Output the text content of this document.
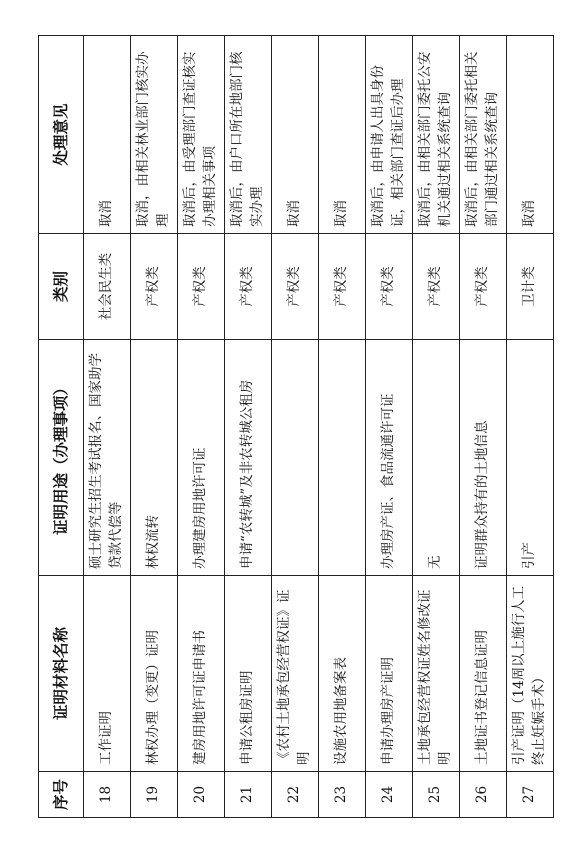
序号	证明材料名称	证明用途（办理事项）	类别	处理意见
18	工作证明	硕士研究生招生考试报名、国家助学贷款代偿等	社会民生类	取消
19	林权办理（变更）证明	林权流转	产权类	取消，由相关林业部门核实办理
20	建房用地许可证申请书	办理建房用地许可证	产权类	取消后，由受理部门查证核实办理相关事项
21	申请公租房证明	申请“农转城”及非农转城公租房	产权类	取消后，由户口所在地部门核实办理
22	《农村土地承包经营权证》证明		产权类	取消
23	设施农用地备案表		产权类	取消
24	申请办理房产证明	办理房产证、食品流通许可证	产权类	取消后，由申请人出具身份证，相关部门查证后办理
25	土地承包经营权证姓名修改证明	无	产权类	取消后，由相关部门委托公安机关通过相关系统查询
26	土地证书登记信息证明	证明群众持有的土地信息	产权类	取消后，由相关部门委托相关部门通过相关系统查询
27	引产证明（14周以上施行人工终止妊娠手术）	引产	卫计类	取消
